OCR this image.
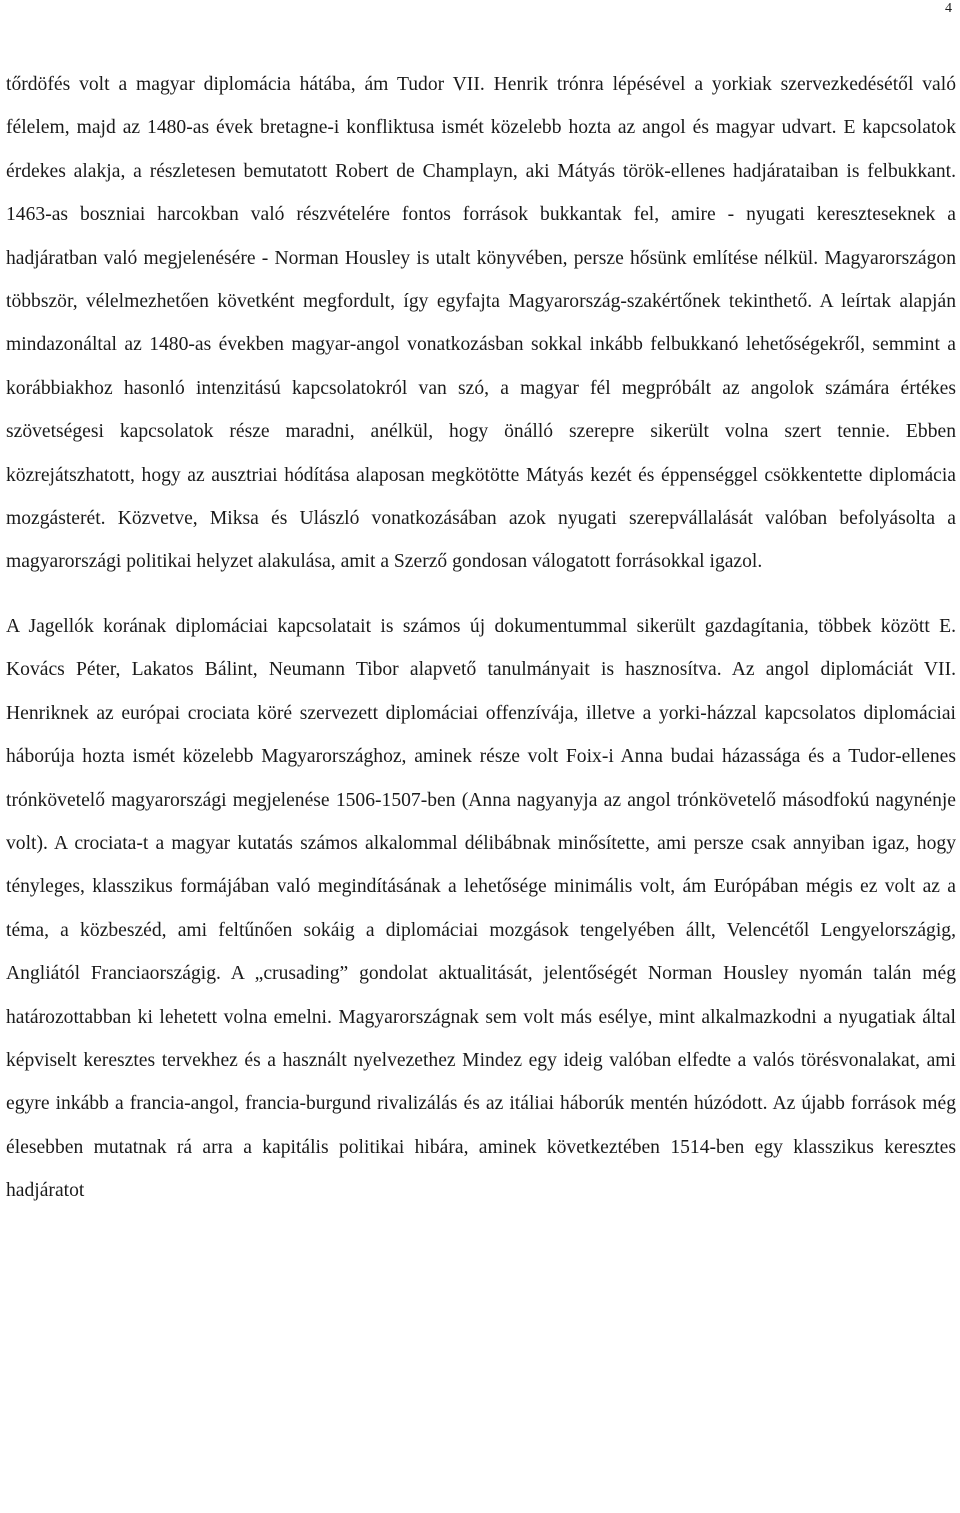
4

tőrdöfés volt a magyar diplomácia hátába, ám Tudor VII. Henrik trónra lépésével a yorkiak szervezkedésétől való félelem, majd az 1480-as évek bretagne-i konfliktusa ismét közelebb hozta az angol és magyar udvart. E kapcsolatok érdekes alakja, a részletesen bemutatott Robert de Champlayn, aki Mátyás török-ellenes hadjárataiban is felbukkant. 1463-as boszniai harcokban való részvételére fontos források bukkantak fel, amire - nyugati kereszteseknek a hadjáratban való megjelenésére - Norman Housley is utalt könyvében, persze hősünk említése nélkül. Magyarországon többször, vélelmezhetően követként megfordult, így egyfajta Magyarország-szakértőnek tekinthető. A leírtak alapján mindazonáltal az 1480-as években magyar-angol vonatkozásban sokkal inkább felbukkanó lehetőségekről, semmint a korábbiakhoz hasonló intenzitású kapcsolatokról van szó, a magyar fél megpróbált az angolok számára értékes szövetségesi kapcsolatok része maradni, anélkül, hogy önálló szerepre sikerült volna szert tennie. Ebben közrejátszhatott, hogy az ausztriai hódítása alaposan megkötötte Mátyás kezét és éppenséggel csökkentette diplomácia mozgásterét. Közvetve, Miksa és Ulászló vonatkozásában azok nyugati szerepvállalását valóban befolyásolta a magyarországi politikai helyzet alakulása, amit a Szerző gondosan válogatott forrásokkal igazol.

A Jagellók korának diplomáciai kapcsolatait is számos új dokumentummal sikerült gazdagítania, többek között E. Kovács Péter, Lakatos Bálint, Neumann Tibor alapvető tanulmányait is hasznosítva. Az angol diplomáciát VII. Henriknek az európai crociata köré szervezett diplomáciai offenzívája, illetve a yorki-házzal kapcsolatos diplomáciai háborúja hozta ismét közelebb Magyarországhoz, aminek része volt Foix-i Anna budai házassága és a Tudor-ellenes trónkövetelő magyarországi megjelenése 1506-1507-ben (Anna nagyanyja az angol trónkövetelő másodfokú nagynénje volt). A crociata-t a magyar kutatás számos alkalommal délibábnak minősítette, ami persze csak annyiban igaz, hogy tényleges, klasszikus formájában való megindításának a lehetősége minimális volt, ám Európában mégis ez volt az a téma, a közbeszéd, ami feltűnően sokáig a diplomáciai mozgások tengelyében állt, Velencétől Lengyelországig, Angliától Franciaországig. A „crusading” gondolat aktualitását, jelentőségét Norman Housley nyomán talán még határozottabban ki lehetett volna emelni. Magyarországnak sem volt más esélye, mint alkalmazkodni a nyugatiak által képviselt keresztes tervekhez és a használt nyelvezethez Mindez egy ideig valóban elfedte a valós törésvonalakat, ami egyre inkább a francia-angol, francia-burgund rivalizálás és az itáliai háborúk mentén húzódott. Az újabb források még élesebben mutatnak rá arra a kapitális politikai hibára, aminek következtében 1514-ben egy klasszikus keresztes hadjáratot
